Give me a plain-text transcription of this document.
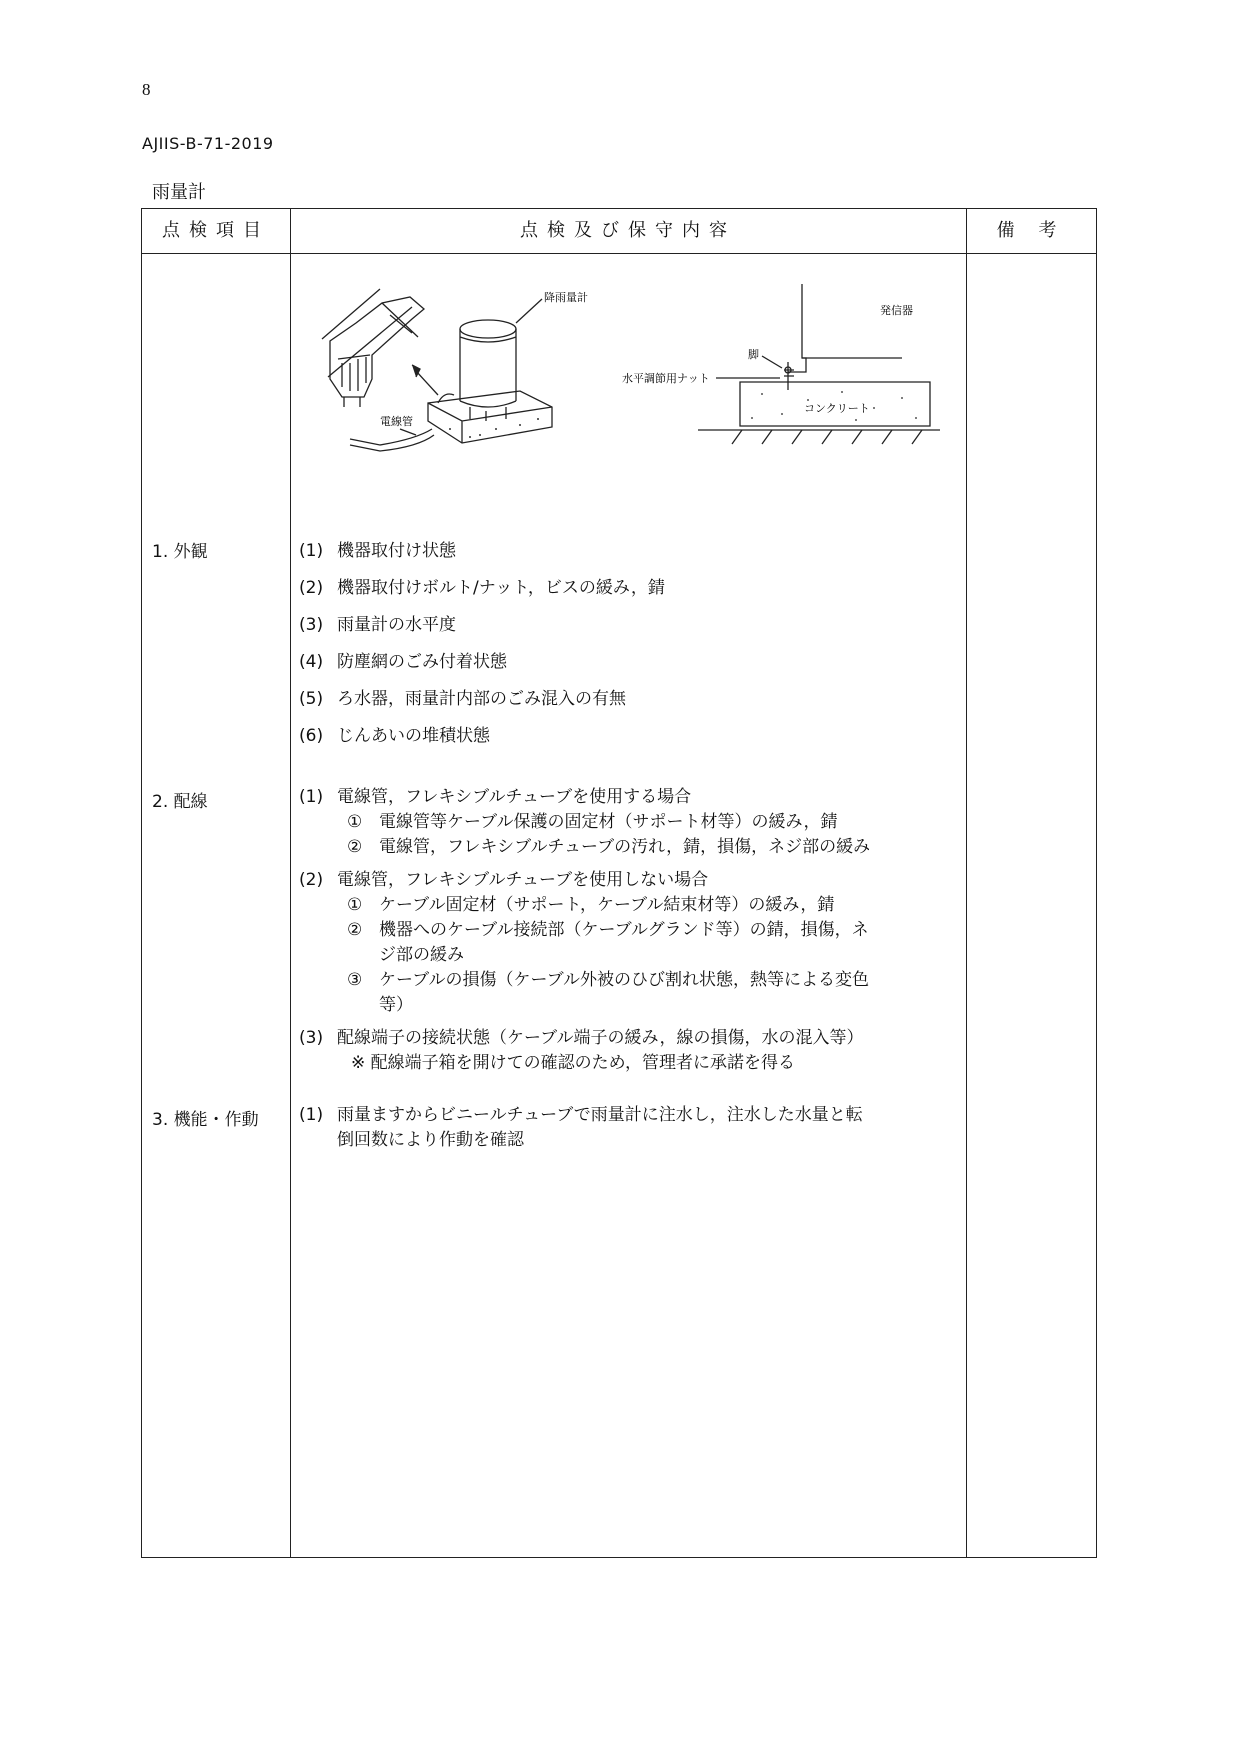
8
AJIIS-B-71-2019
雨量計
点検項目	点検及び保守内容	備 考
降雨量計
電線管
発信器
脚
水平調節用ナット
コンクリート
1. 外観	(1) 機器取付け状態
(2) 機器取付けボルト/ナット，ビスの緩み，錆
(3) 雨量計の水平度
(4) 防塵網のごみ付着状態
(5) ろ水器，雨量計内部のごみ混入の有無
(6) じんあいの堆積状態
2. 配線	(1) 電線管，フレキシブルチューブを使用する場合
① 電線管等ケーブル保護の固定材（サポート材等）の緩み，錆
② 電線管，フレキシブルチューブの汚れ，錆，損傷，ネジ部の緩み
(2) 電線管，フレキシブルチューブを使用しない場合
① ケーブル固定材（サポート，ケーブル結束材等）の緩み，錆
② 機器へのケーブル接続部（ケーブルグランド等）の錆，損傷，ネ
ジ部の緩み
③ ケーブルの損傷（ケーブル外被のひび割れ状態，熱等による変色
等）
(3) 配線端子の接続状態（ケーブル端子の緩み，線の損傷，水の混入等）
※ 配線端子箱を開けての確認のため，管理者に承諾を得る
3. 機能・作動 (1) 雨量ますからビニールチューブで雨量計に注水し，注水した水量と転
倒回数により作動を確認
